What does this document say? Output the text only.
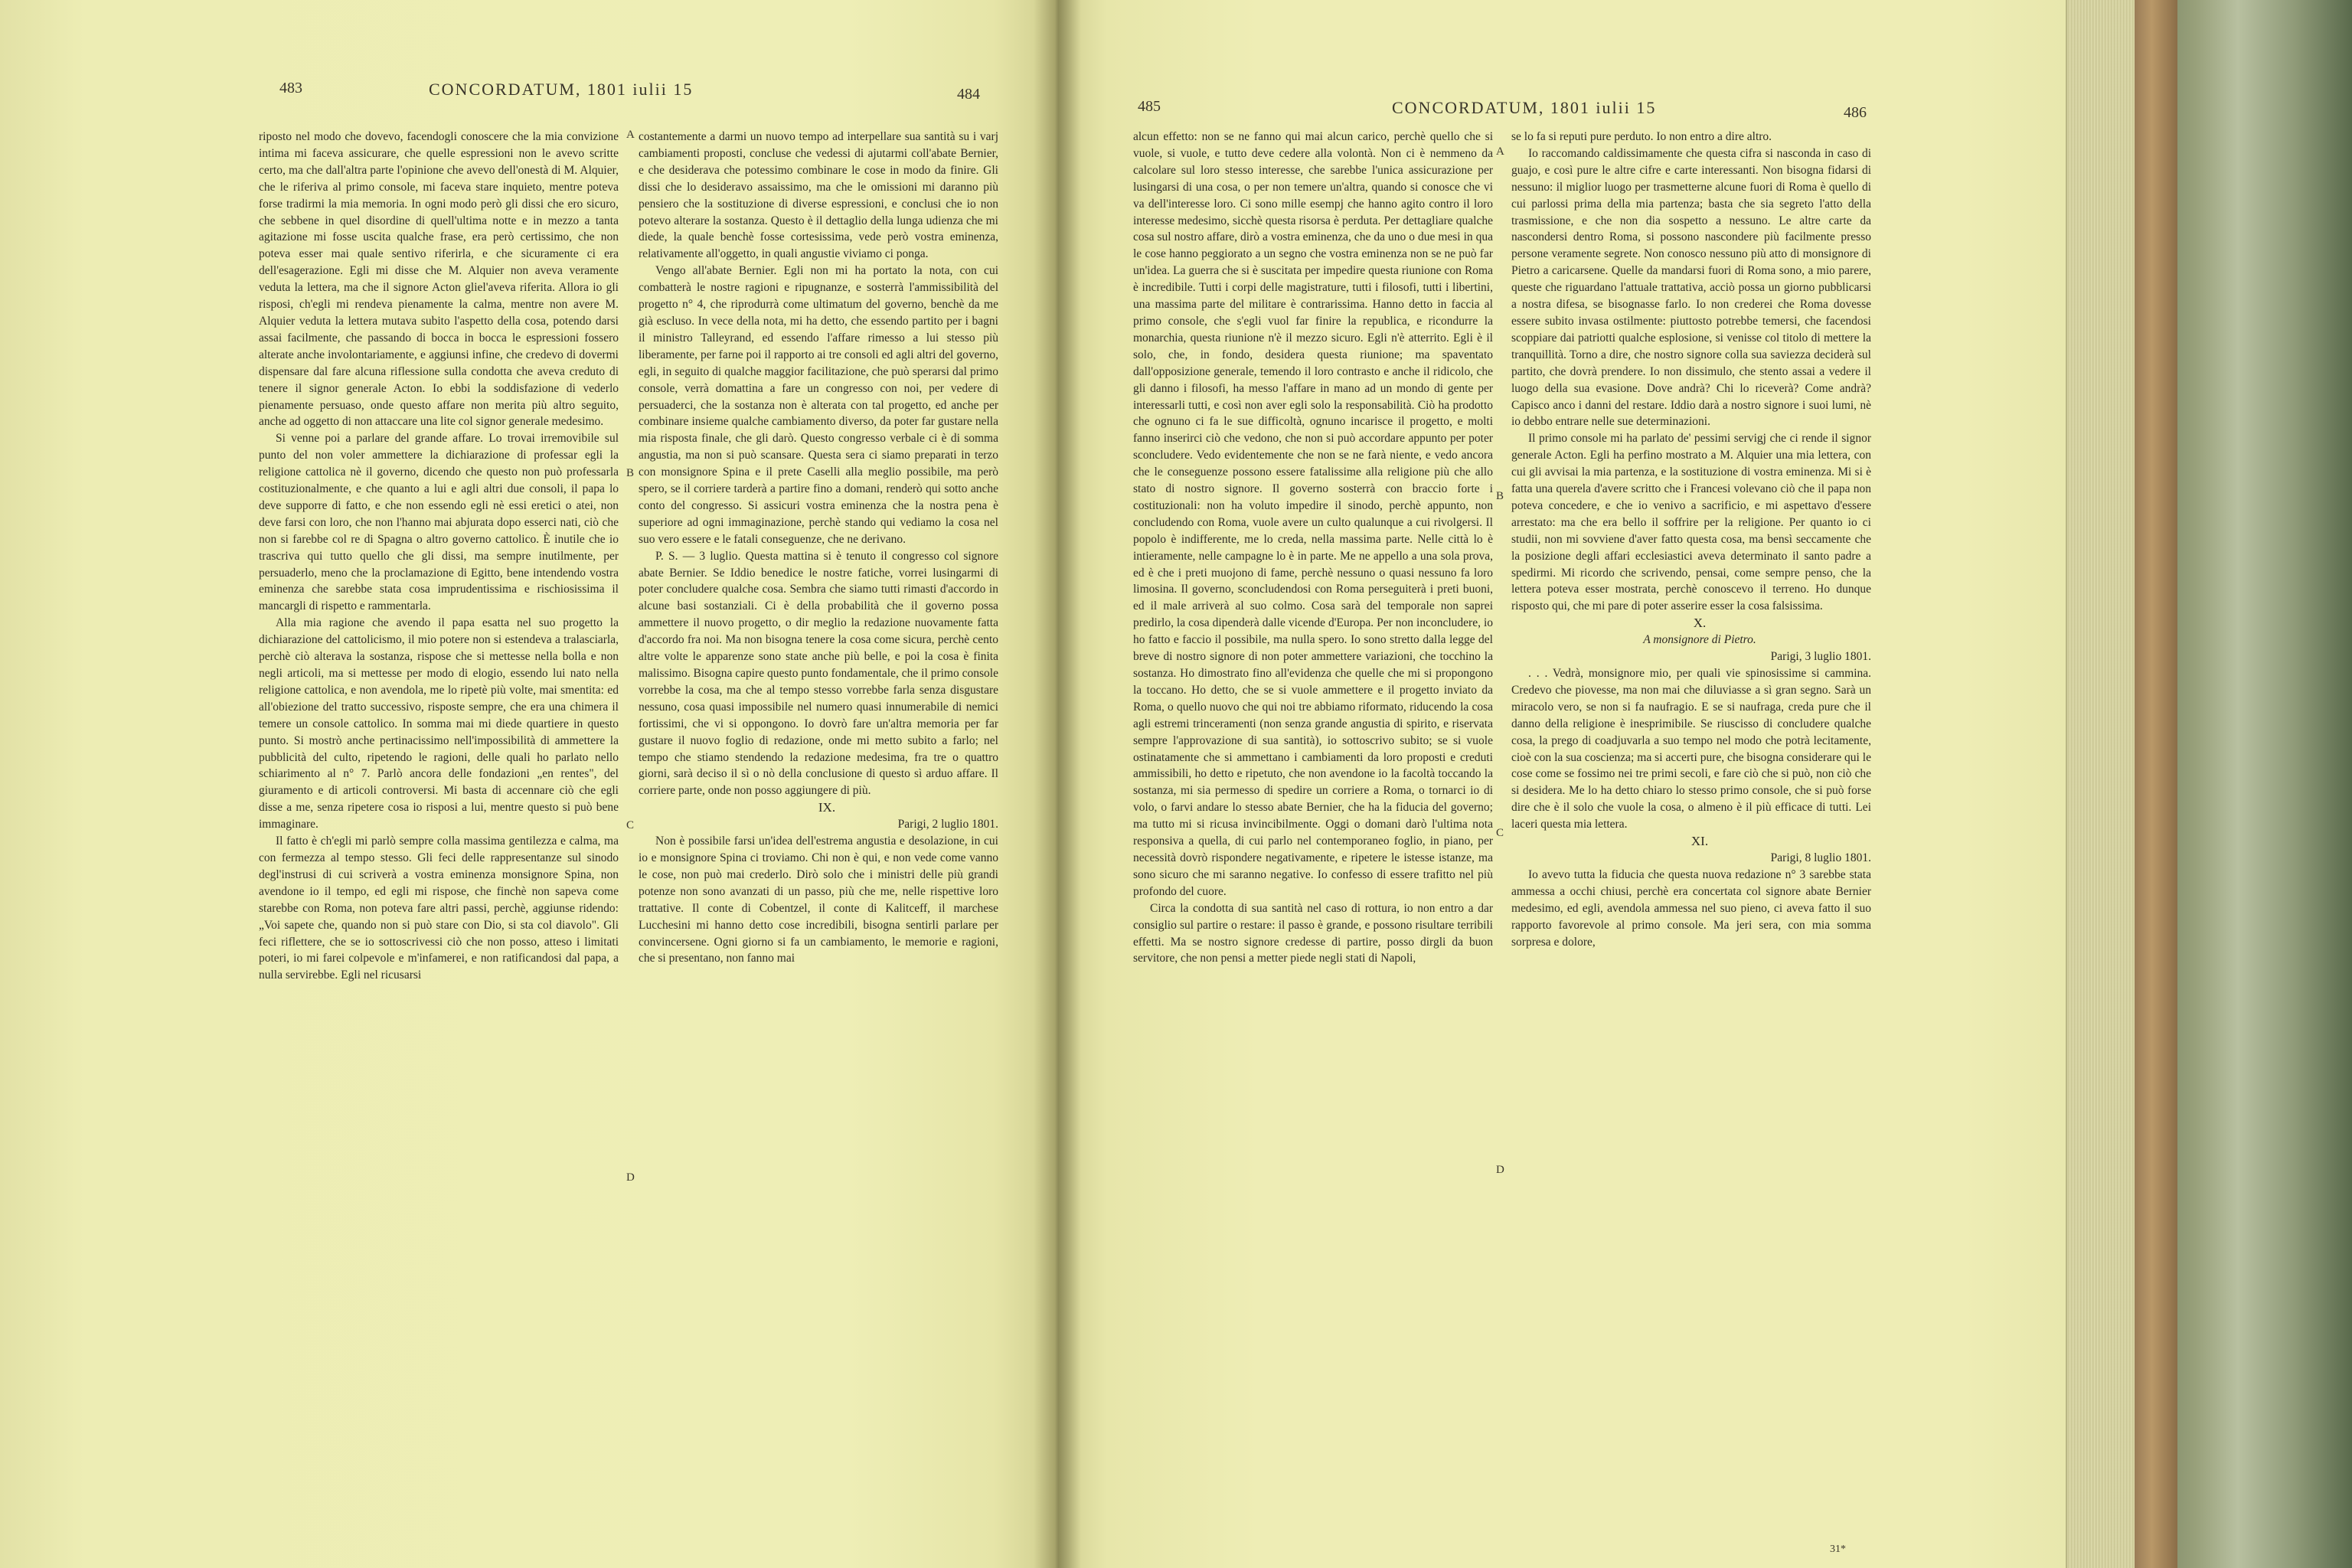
483	CONCORDATUM, 1801 iulii 15	484

riposto nel modo che dovevo, facendogli conoscere che la mia convizione intima mi faceva assicurare, che quelle espressioni non le avevo scritte certo, ma che dall'altra parte l'opinione che avevo dell'onestà di M. Alquier, che le riferiva al primo console, mi faceva stare inquieto, mentre poteva forse tradirmi la mia memoria. In ogni modo però gli dissi che ero sicuro, che sebbene in quel disordine di quell'ultima notte e in mezzo a tanta agitazione mi fosse uscita qualche frase, era però certissimo, che non poteva esser mai quale sentivo riferirla, e che sicuramente ci era dell'esagerazione. Egli mi disse che M. Alquier non aveva veramente veduta la lettera, ma che il signore Acton gliel'aveva riferita. Allora io gli risposi, ch'egli mi rendeva pienamente la calma, mentre non avere M. Alquier veduta la lettera mutava subito l'aspetto della cosa, potendo darsi assai facilmente, che passando di bocca in bocca le espressioni fossero alterate anche involontariamente, e aggiunsi infine, che credevo di dovermi dispensare dal fare alcuna riflessione sulla condotta che aveva creduto di tenere il signor generale Acton. Io ebbi la soddisfazione di vederlo pienamente persuaso, onde questo affare non merita più altro seguito, anche ad oggetto di non attaccare una lite col signor generale medesimo.

Si venne poi a parlare del grande affare. Lo trovai irremovibile sul punto del non voler ammettere la dichiarazione di professar egli la religione cattolica nè il governo, dicendo che questo non può professarla costituzionalmente, e che quanto a lui e agli altri due consoli, il papa lo deve supporre di fatto, e che non essendo egli nè essi eretici o atei, non deve farsi con loro, che non l'hanno mai abjurata dopo esserci nati, ciò che non si farebbe col re di Spagna o altro governo cattolico. È inutile che io trascriva qui tutto quello che gli dissi, ma sempre inutilmente, per persuaderlo, meno che la proclamazione di Egitto, bene intendendo vostra eminenza che sarebbe stata cosa imprudentissima e rischiosissima il mancargli di rispetto e rammentarla.

Alla mia ragione che avendo il papa esatta nel suo progetto la dichiarazione del cattolicismo, il mio potere non si estendeva a tralasciarla, perchè ciò alterava la sostanza, rispose che si mettesse nella bolla e non negli articoli, ma si mettesse per modo di elogio, essendo lui nato nella religione cattolica, e non avendola, me lo ripetè più volte, mai smentita: ed all'obiezione del tratto successivo, risposte sempre, che era una chimera il temere un console cattolico. In somma mai mi diede quartiere in questo punto. Si mostrò anche pertinacissimo nell'impossibilità di ammettere la pubblicità del culto, ripetendo le ragioni, delle quali ho parlato nello schiarimento al n° 7. Parlò ancora delle fondazioni „en rentes", del giuramento e di articoli controversi. Mi basta di accennare ciò che egli disse a me, senza ripetere cosa io risposi a lui, mentre questo si può bene immaginare.

Il fatto è ch'egli mi parlò sempre colla massima gentilezza e calma, ma con fermezza al tempo stesso. Gli feci delle rappresentanze sul sinodo degl'instrusi di cui scriverà a vostra eminenza monsignore Spina, non avendone io il tempo, ed egli mi rispose, che finchè non sapeva come starebbe con Roma, non poteva fare altri passi, perchè, aggiunse ridendo: „Voi sapete che, quando non si può stare con Dio, si sta col diavolo". Gli feci riflettere, che se io sottoscrivessi ciò che non posso, atteso i limitati poteri, io mi farei colpevole e m'infamerei, e non ratificandosi dal papa, a nulla servirebbe. Egli nel ricusarsi

A
B
C
D

costantemente a darmi un nuovo tempo ad interpellare sua santità su i varj cambiamenti proposti, concluse che vedessi di ajutarmi coll'abate Bernier, e che desiderava che potessimo combinare le cose in modo da finire. Gli dissi che lo desideravo assaissimo, ma che le omissioni mi daranno più pensiero che la sostituzione di diverse espressioni, e conclusi che io non potevo alterare la sostanza. Questo è il dettaglio della lunga udienza che mi diede, la quale benchè fosse cortesissima, vede però vostra eminenza, relativamente all'oggetto, in quali angustie viviamo ci ponga.

Vengo all'abate Bernier. Egli non mi ha portato la nota, con cui combatterà le nostre ragioni e ripugnanze, e sosterrà l'ammissibilità del progetto n° 4, che riprodurrà come ultimatum del governo, benchè da me già escluso. In vece della nota, mi ha detto, che essendo partito per i bagni il ministro Talleyrand, ed essendo l'affare rimesso a lui stesso più liberamente, per farne poi il rapporto ai tre consoli ed agli altri del governo, egli, in seguito di qualche maggior facilitazione, che può sperarsi dal primo console, verrà domattina a fare un congresso con noi, per vedere di persuaderci, che la sostanza non è alterata con tal progetto, ed anche per combinare insieme qualche cambiamento diverso, da poter far gustare nella mia risposta finale, che gli darò. Questo congresso verbale ci è di somma angustia, ma non si può scansare. Questa sera ci siamo preparati in terzo con monsignore Spina e il prete Caselli alla meglio possibile, ma però spero, se il corriere tarderà a partire fino a domani, renderò qui sotto anche conto del congresso. Si assicuri vostra eminenza che la nostra pena è superiore ad ogni immaginazione, perchè stando qui vediamo la cosa nel suo vero essere e le fatali conseguenze, che ne derivano.

P. S. — 3 luglio. Questa mattina si è tenuto il congresso col signore abate Bernier. Se Iddio benedice le nostre fatiche, vorrei lusingarmi di poter concludere qualche cosa. Sembra che siamo tutti rimasti d'accordo in alcune basi sostanziali. Ci è della probabilità che il governo possa ammettere il nuovo progetto, o dir meglio la redazione nuovamente fatta d'accordo fra noi. Ma non bisogna tenere la cosa come sicura, perchè cento altre volte le apparenze sono state anche più belle, e poi la cosa è finita malissimo. Bisogna capire questo punto fondamentale, che il primo console vorrebbe la cosa, ma che al tempo stesso vorrebbe farla senza disgustare nessuno, cosa quasi impossibile nel numero quasi innumerabile di nemici fortissimi, che vi si oppongono. Io dovrò fare un'altra memoria per far gustare il nuovo foglio di redazione, onde mi metto subito a farlo; nel tempo che stiamo stendendo la redazione medesima, fra tre o quattro giorni, sarà deciso il sì o nò della conclusione di questo sì arduo affare. Il corriere parte, onde non posso aggiungere di più.

IX.

Parigi, 2 luglio 1801.

Non è possibile farsi un'idea dell'estrema angustia e desolazione, in cui io e monsignore Spina ci troviamo. Chi non è qui, e non vede come vanno le cose, non può mai crederlo. Dirò solo che i ministri delle più grandi potenze non sono avanzati di un passo, più che me, nelle rispettive loro trattative. Il conte di Cobentzel, il conte di Kalitceff, il marchese Lucchesini mi hanno detto cose incredibili, bisogna sentirli parlare per convincersene. Ogni giorno si fa un cambiamento, le memorie e ragioni, che si presentano, non fanno mai

485	CONCORDATUM, 1801 iulii 15	486

alcun effetto: non se ne fanno qui mai alcun carico, perchè quello che si vuole, si vuole, e tutto deve cedere alla volontà. Non ci è nemmeno da calcolare sul loro stesso interesse, che sarebbe l'unica assicurazione per lusingarsi di una cosa, o per non temere un'altra, quando si conosce che vi va dell'interesse loro. Ci sono mille esempj che hanno agito contro il loro interesse medesimo, sicchè questa risorsa è perduta. Per dettagliare qualche cosa sul nostro affare, dirò a vostra eminenza, che da uno o due mesi in qua le cose hanno peggiorato a un segno che vostra eminenza non se ne può far un'idea. La guerra che si è suscitata per impedire questa riunione con Roma è incredibile. Tutti i corpi delle magistrature, tutti i filosofi, tutti i libertini, una massima parte del militare è contrarissima. Hanno detto in faccia al primo console, che s'egli vuol far finire la republica, e ricondurre la monarchia, questa riunione n'è il mezzo sicuro. Egli n'è atterrito. Egli è il solo, che, in fondo, desidera questa riunione; ma spaventato dall'opposizione generale, temendo il loro contrasto e anche il ridicolo, che gli danno i filosofi, ha messo l'affare in mano ad un mondo di gente per interessarli tutti, e così non aver egli solo la responsabilità. Ciò ha prodotto che ognuno ci fa le sue difficoltà, ognuno incarisce il progetto, e molti fanno inserirci ciò che vedono, che non si può accordare appunto per poter sconcludere. Vedo evidentemente che non se ne farà niente, e vedo ancora che le conseguenze possono essere fatalissime alla religione più che allo stato di nostro signore. Il governo sosterrà con braccio forte i costituzionali: non ha voluto impedire il sinodo, perchè appunto, non concludendo con Roma, vuole avere un culto qualunque a cui rivolgersi. Il popolo è indifferente, me lo creda, nella massima parte. Nelle città lo è intieramente, nelle campagne lo è in parte. Me ne appello a una sola prova, ed è che i preti muojono di fame, perchè nessuno o quasi nessuno fa loro limosina. Il governo, sconcludendosi con Roma perseguiterà i preti buoni, ed il male arriverà al suo colmo. Cosa sarà del temporale non saprei predirlo, la cosa dipenderà dalle vicende d'Europa. Per non inconcluderе, io ho fatto e faccio il possibile, ma nulla spero. Io sono stretto dalla legge del breve di nostro signore di non poter ammettere variazioni, che tocchino la sostanza. Ho dimostrato fino all'evidenza che quelle che mi si propongono la toccano. Ho detto, che se si vuole ammettere e il progetto inviato da Roma, o quello nuovo che qui noi tre abbiamo riformato, riducendo la cosa agli estremi trinceramenti (non senza grande angustia di spirito, e riservata sempre l'approvazione di sua santità), io sottoscrivo subito; se si vuole ostinatamente che si ammettano i cambiamenti da loro proposti e creduti ammissibili, ho detto e ripetuto, che non avendone io la facoltà toccando la sostanza, mi sia permesso di spedire un corriere a Roma, o tornarci io di volo, o farvi andare lo stesso abate Bernier, che ha la fiducia del governo; ma tutto mi si ricusa invincibilmente. Oggi o domani darò l'ultima nota responsiva a quella, di cui parlo nel contemporaneo foglio, in piano, per necessità dovrò rispondere negativamente, e ripetere le istesse istanze, ma sono sicuro che mi saranno negative. Io confesso di essere trafitto nel più profondo del cuore.

Circa la condotta di sua santità nel caso di rottura, io non entro a dar consiglio sul partire o restare: il passo è grande, e possono risultare terribili effetti. Ma se nostro signore credesse di partire, posso dirgli da buon servitore, che non pensi a metter piede negli stati di Napoli,

A
B
C
D

se lo fa si reputi pure perduto. Io non entro a dire altro.

Io raccomando caldissimamente che questa cifra si nasconda in caso di guajo, e così pure le altre cifre e carte interessanti. Non bisogna fidarsi di nessuno: il miglior luogo per trasmetterne alcune fuori di Roma è quello di cui parlossi prima della mia partenza; basta che sia segreto l'atto della trasmissione, e che non dia sospetto a nessuno. Le altre carte da nascondersi dentro Roma, si possono nascondere più facilmente presso persone veramente segrete. Non conosco nessuno più atto di monsignore di Pietro a caricarsene. Quelle da mandarsi fuori di Roma sono, a mio parere, queste che riguardano l'attuale trattativa, acciò possa un giorno pubblicarsi a nostra difesa, se bisognasse farlo. Io non crederei che Roma dovesse essere subito invasa ostilmente: piuttosto potrebbe temersi, che facendosi scoppiare dai patriotti qualche esplosione, si venisse col titolo di mettere la tranquillità. Torno a dire, che nostro signore colla sua saviezza deciderà sul partito, che dovrà prendere. Io non dissimulo, che stento assai a vedere il luogo della sua evasione. Dove andrà? Chi lo riceverà? Come andrà? Capisco anco i danni del restare. Iddio darà a nostro signore i suoi lumi, nè io debbo entrare nelle sue determinazioni.

Il primo console mi ha parlato de' pessimi servigj che ci rende il signor generale Acton. Egli ha perfino mostrato a M. Alquier una mia lettera, con cui gli avvisai la mia partenza, e la sostituzione di vostra eminenza. Mi si è fatta una querela d'avere scritto che i Francesi volevano ciò che il papa non poteva concedere, e che io venivo a sacrificio, e mi aspettavo d'essere arrestato: ma che era bello il soffrire per la religione. Per quanto io ci studii, non mi sovviene d'aver fatto questa cosa, ma bensì seccamente che la posizione degli affari ecclesiastici aveva determinato il santo padre a spedirmi. Mi ricordo che scrivendo, pensai, come sempre penso, che la lettera poteva esser mostrata, perchè conoscevo il terreno. Ho dunque risposto qui, che mi pare di poter asserire esser la cosa falsissima.

X.

A monsignore di Pietro.

Parigi, 3 luglio 1801.

. . . Vedrà, monsignore mio, per quali vie spinosissime si cammina. Credevo che piovesse, ma non mai che diluviasse a sì gran segno. Sarà un miracolo vero, se non si fa naufragio. E se si naufraga, creda pure che il danno della religione è inesprimibile. Se riuscisso di concludere qualche cosa, la prego di coadjuvarla a suo tempo nel modo che potrà lecitamente, cioè con la sua coscienza; ma si accerti pure, che bisogna considerare qui le cose come se fossimo nei tre primi secoli, e fare ciò che si può, non ciò che si desidera. Me lo ha detto chiaro lo stesso primo console, che si può forse dire che è il solo che vuole la cosa, o almeno è il più efficace di tutti. Lei laceri questa mia lettera.

XI.

Parigi, 8 luglio 1801.

Io avevo tutta la fiducia che questa nuova redazione n° 3 sarebbe stata ammessa a occhi chiusi, perchè era concertata col signore abate Bernier medesimo, ed egli, avendola ammessa nel suo pieno, ci aveva fatto il suo rapporto favorevole al primo console. Ma jeri sera, con mia somma sorpresa e dolore,

31*
